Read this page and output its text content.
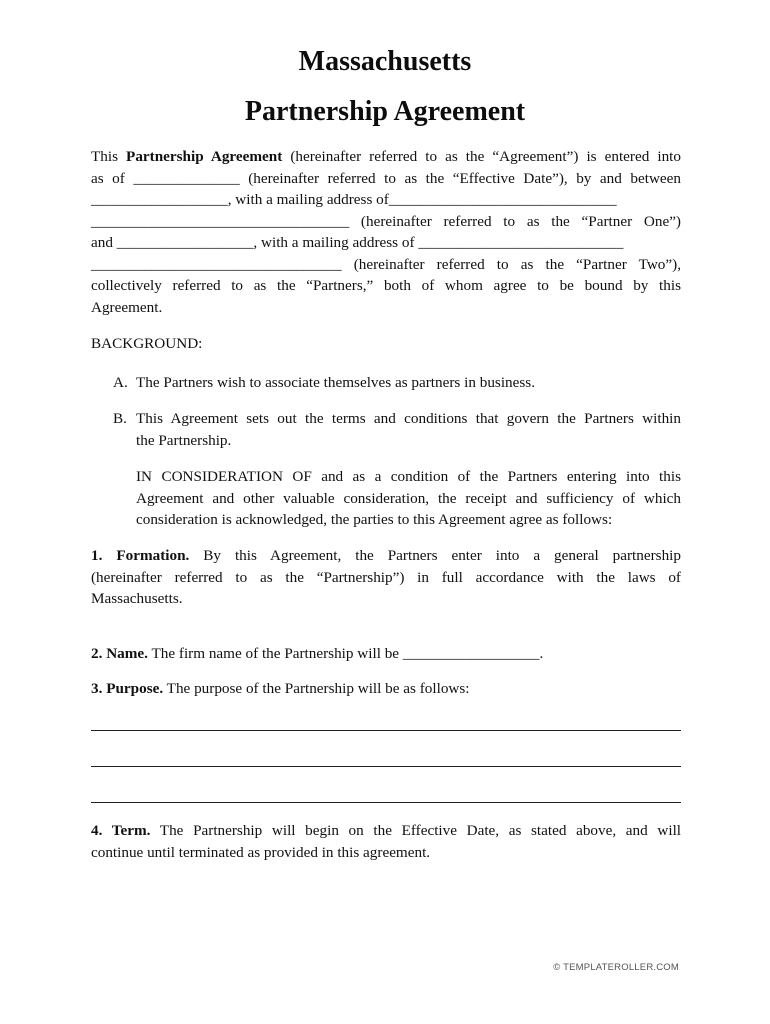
Massachusetts
Partnership Agreement
This Partnership Agreement (hereinafter referred to as the “Agreement”) is entered into
as of ______________ (hereinafter referred to as the “Effective Date”), by and between
__________________, with a mailing address of______________________________
__________________________________ (hereinafter referred to as the “Partner One”)
and __________________, with a mailing address of ___________________________
_________________________________ (hereinafter referred to as the “Partner Two”),
collectively referred to as the “Partners,” both of whom agree to be bound by this
Agreement.
BACKGROUND:
A. The Partners wish to associate themselves as partners in business.
B. This Agreement sets out the terms and conditions that govern the Partners within
the Partnership.
IN CONSIDERATION OF and as a condition of the Partners entering into this
Agreement and other valuable consideration, the receipt and sufficiency of which
consideration is acknowledged, the parties to this Agreement agree as follows:
1. Formation. By this Agreement, the Partners enter into a general partnership
(hereinafter referred to as the “Partnership”) in full accordance with the laws of
Massachusetts.
2. Name. The firm name of the Partnership will be __________________.
3. Purpose. The purpose of the Partnership will be as follows:
4. Term. The Partnership will begin on the Effective Date, as stated above, and will
continue until terminated as provided in this agreement.
© TEMPLATEROLLER.COM
